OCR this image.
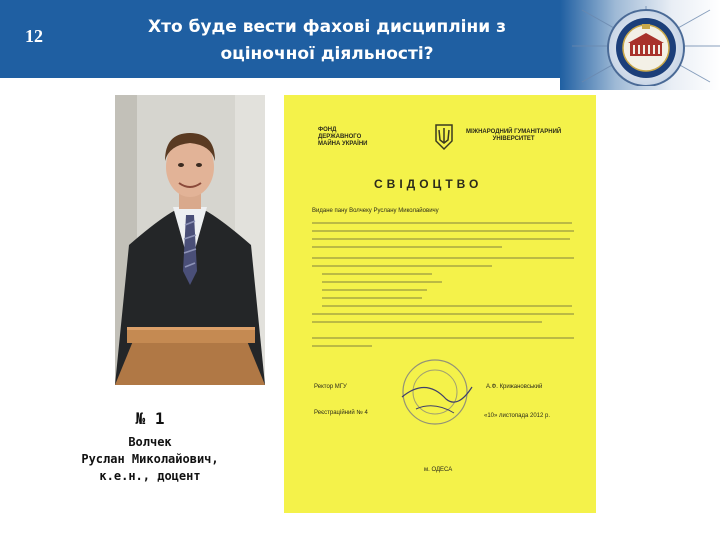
12	Хто буде вести фахові дисципліни з
оціночної діяльності?
№ 1
Волчек
Руслан Миколайович,
к.е.н., доцент
ФОНД
ДЕРЖАВНОГО
МАЙНА УКРАЇНИ
МІЖНАРОДНИЙ ГУМАНІТАРНИЙ
УНІВЕРСИТЕТ
СВІДОЦТВО
Видане пану Волчеку Руслану Миколайовичу
Ректор МГУ	А.Ф. Крижановський
Реєстраційний № 4	«10» листопада 2012 р.
м. ОДЕСА
